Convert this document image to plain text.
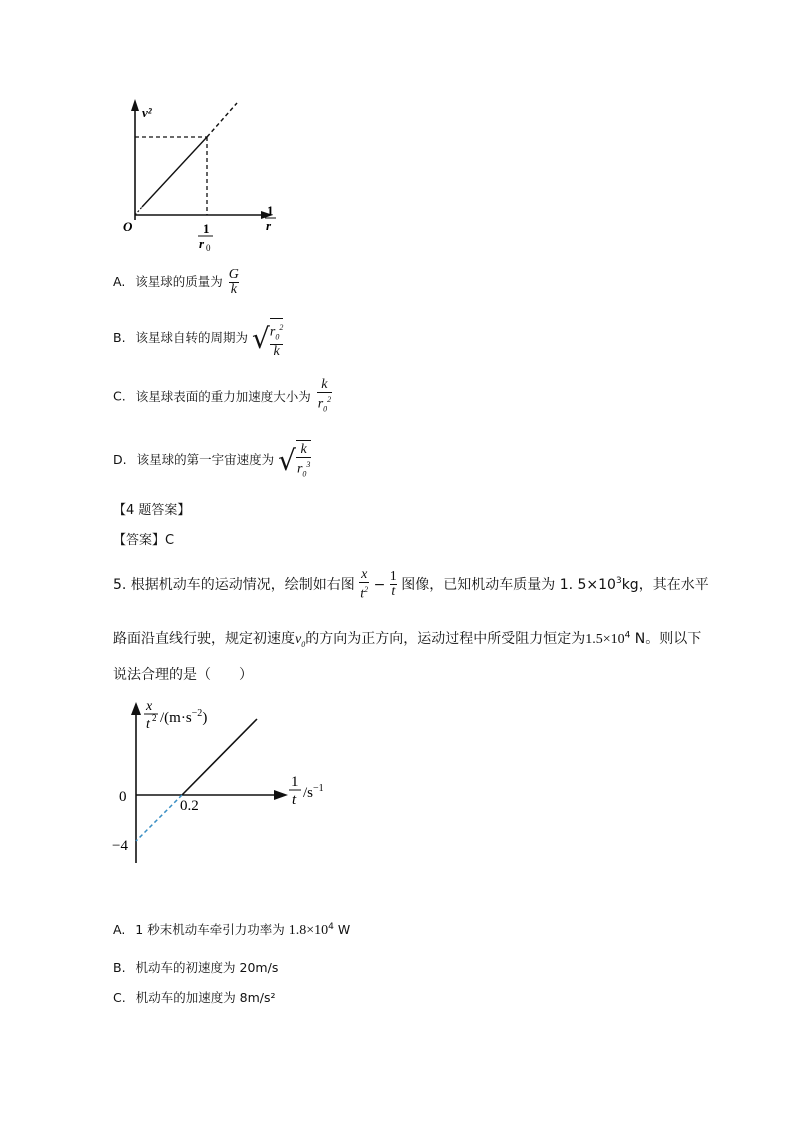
v²
O
1
r
1
r 0
A. 该星球的质量为 $\frac{G}{k}$
B. 该星球自转的周期为 √ $\frac{r_0^2}{k}$
C. 该星球表面的重力加速度大小为 $\frac{k}{r_0^2}$
D. 该星球的第一宇宙速度为 √ $\frac{k}{r_0^3}$
【4 题答案】
【答案】C
5. 根据机动车的运动情况，绘制如右图 $\frac{x}{t^2} - \frac{1}{t}$ 图像，已知机动车质量为 1. $5\times 10^3kg$，其在水平
路面沿直线行驶，规定初速度$v_0$的方向为正方向，运动过程中所受阻力恒定为$1.5\times 10^4$ N。则以下
说法合理的是（　　）
x
t 2 $/(m\cdot s^{-2})$
0
0.2
−4
1
t $/s^{-1}$
A. 1 秒末机动车牵引力功率为 $1.8\times 10^4$ W
B. 机动车的初速度为 20m/s
C. 机动车的加速度为 8m/s²
